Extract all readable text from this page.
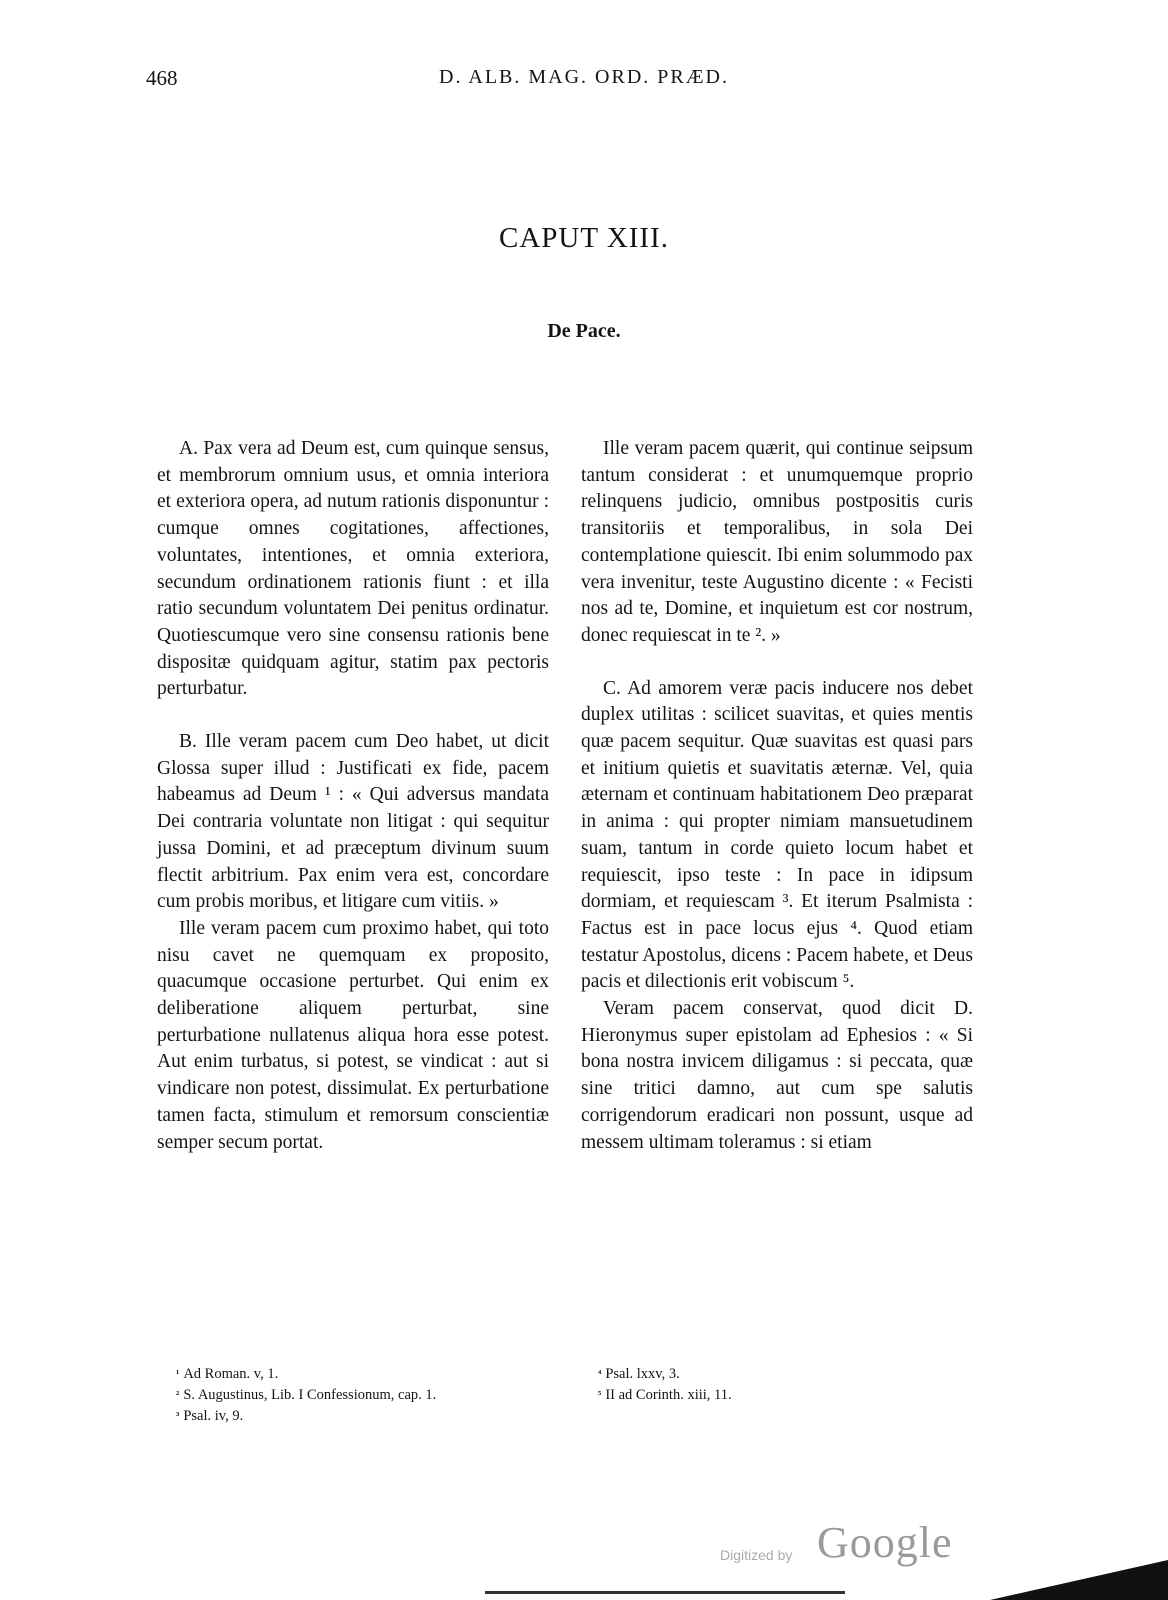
468	D. ALB. MAG. ORD. PRÆD.
CAPUT XIII.
De Pace.

A. Pax vera ad Deum est, cum quinque sensus, et membrorum omnium usus, et omnia interiora et exteriora opera, ad nutum rationis disponuntur : cumque omnes cogitationes, affectiones, voluntates, intentiones, et omnia exteriora, secundum ordinationem rationis fiunt : et illa ratio secundum voluntatem Dei penitus ordinatur. Quotiescumque vero sine consensu rationis bene dispositæ quidquam agitur, statim pax pectoris perturbatur.

B. Ille veram pacem cum Deo habet, ut dicit Glossa super illud : Justificati ex fide, pacem habeamus ad Deum ¹ : « Qui adversus mandata Dei contraria voluntate non litigat : qui sequitur jussa Domini, et ad præceptum divinum suum flectit arbitrium. Pax enim vera est, concordare cum probis moribus, et litigare cum vitiis. »

Ille veram pacem cum proximo habet, qui toto nisu cavet ne quemquam ex proposito, quacumque occasione perturbet. Qui enim ex deliberatione aliquem perturbat, sine perturbatione nullatenus aliqua hora esse potest. Aut enim turbatus, si potest, se vindicat : aut si vindicare non potest, dissimulat. Ex perturbatione tamen facta, stimulum et remorsum conscientiæ semper secum portat.

Ille veram pacem quærit, qui continue seipsum tantum considerat : et unumquemque proprio relinquens judicio, omnibus postpositis curis transitoriis et temporalibus, in sola Dei contemplatione quiescit. Ibi enim solummodo pax vera invenitur, teste Augustino dicente : « Fecisti nos ad te, Domine, et inquietum est cor nostrum, donec requiescat in te ². »

C. Ad amorem veræ pacis inducere nos debet duplex utilitas : scilicet suavitas, et quies mentis quæ pacem sequitur. Quæ suavitas est quasi pars et initium quietis et suavitatis æternæ. Vel, quia æternam et continuam habitationem Deo præparat in anima : qui propter nimiam mansuetudinem suam, tantum in corde quieto locum habet et requiescit, ipso teste : In pace in idipsum dormiam, et requiescam ³. Et iterum Psalmista : Factus est in pace locus ejus ⁴. Quod etiam testatur Apostolus, dicens : Pacem habete, et Deus pacis et dilectionis erit vobiscum ⁵.

Veram pacem conservat, quod dicit D. Hieronymus super epistolam ad Ephesios : « Si bona nostra invicem diligamus : si peccata, quæ sine tritici damno, aut cum spe salutis corrigendorum eradicari non possunt, usque ad messem ultimam toleramus : si etiam

$^{^1}$ Ad Roman. v, 1.

$^{^2}$ S. Augustinus, Lib. I Confessionum, cap. 1.

$^{^3}$ Psal. iv, 9.

$^{^4}$ Psal. lxxv, 3.

$^{^5}$ II ad Corinth. xiii, 11.

Digitized by Google
